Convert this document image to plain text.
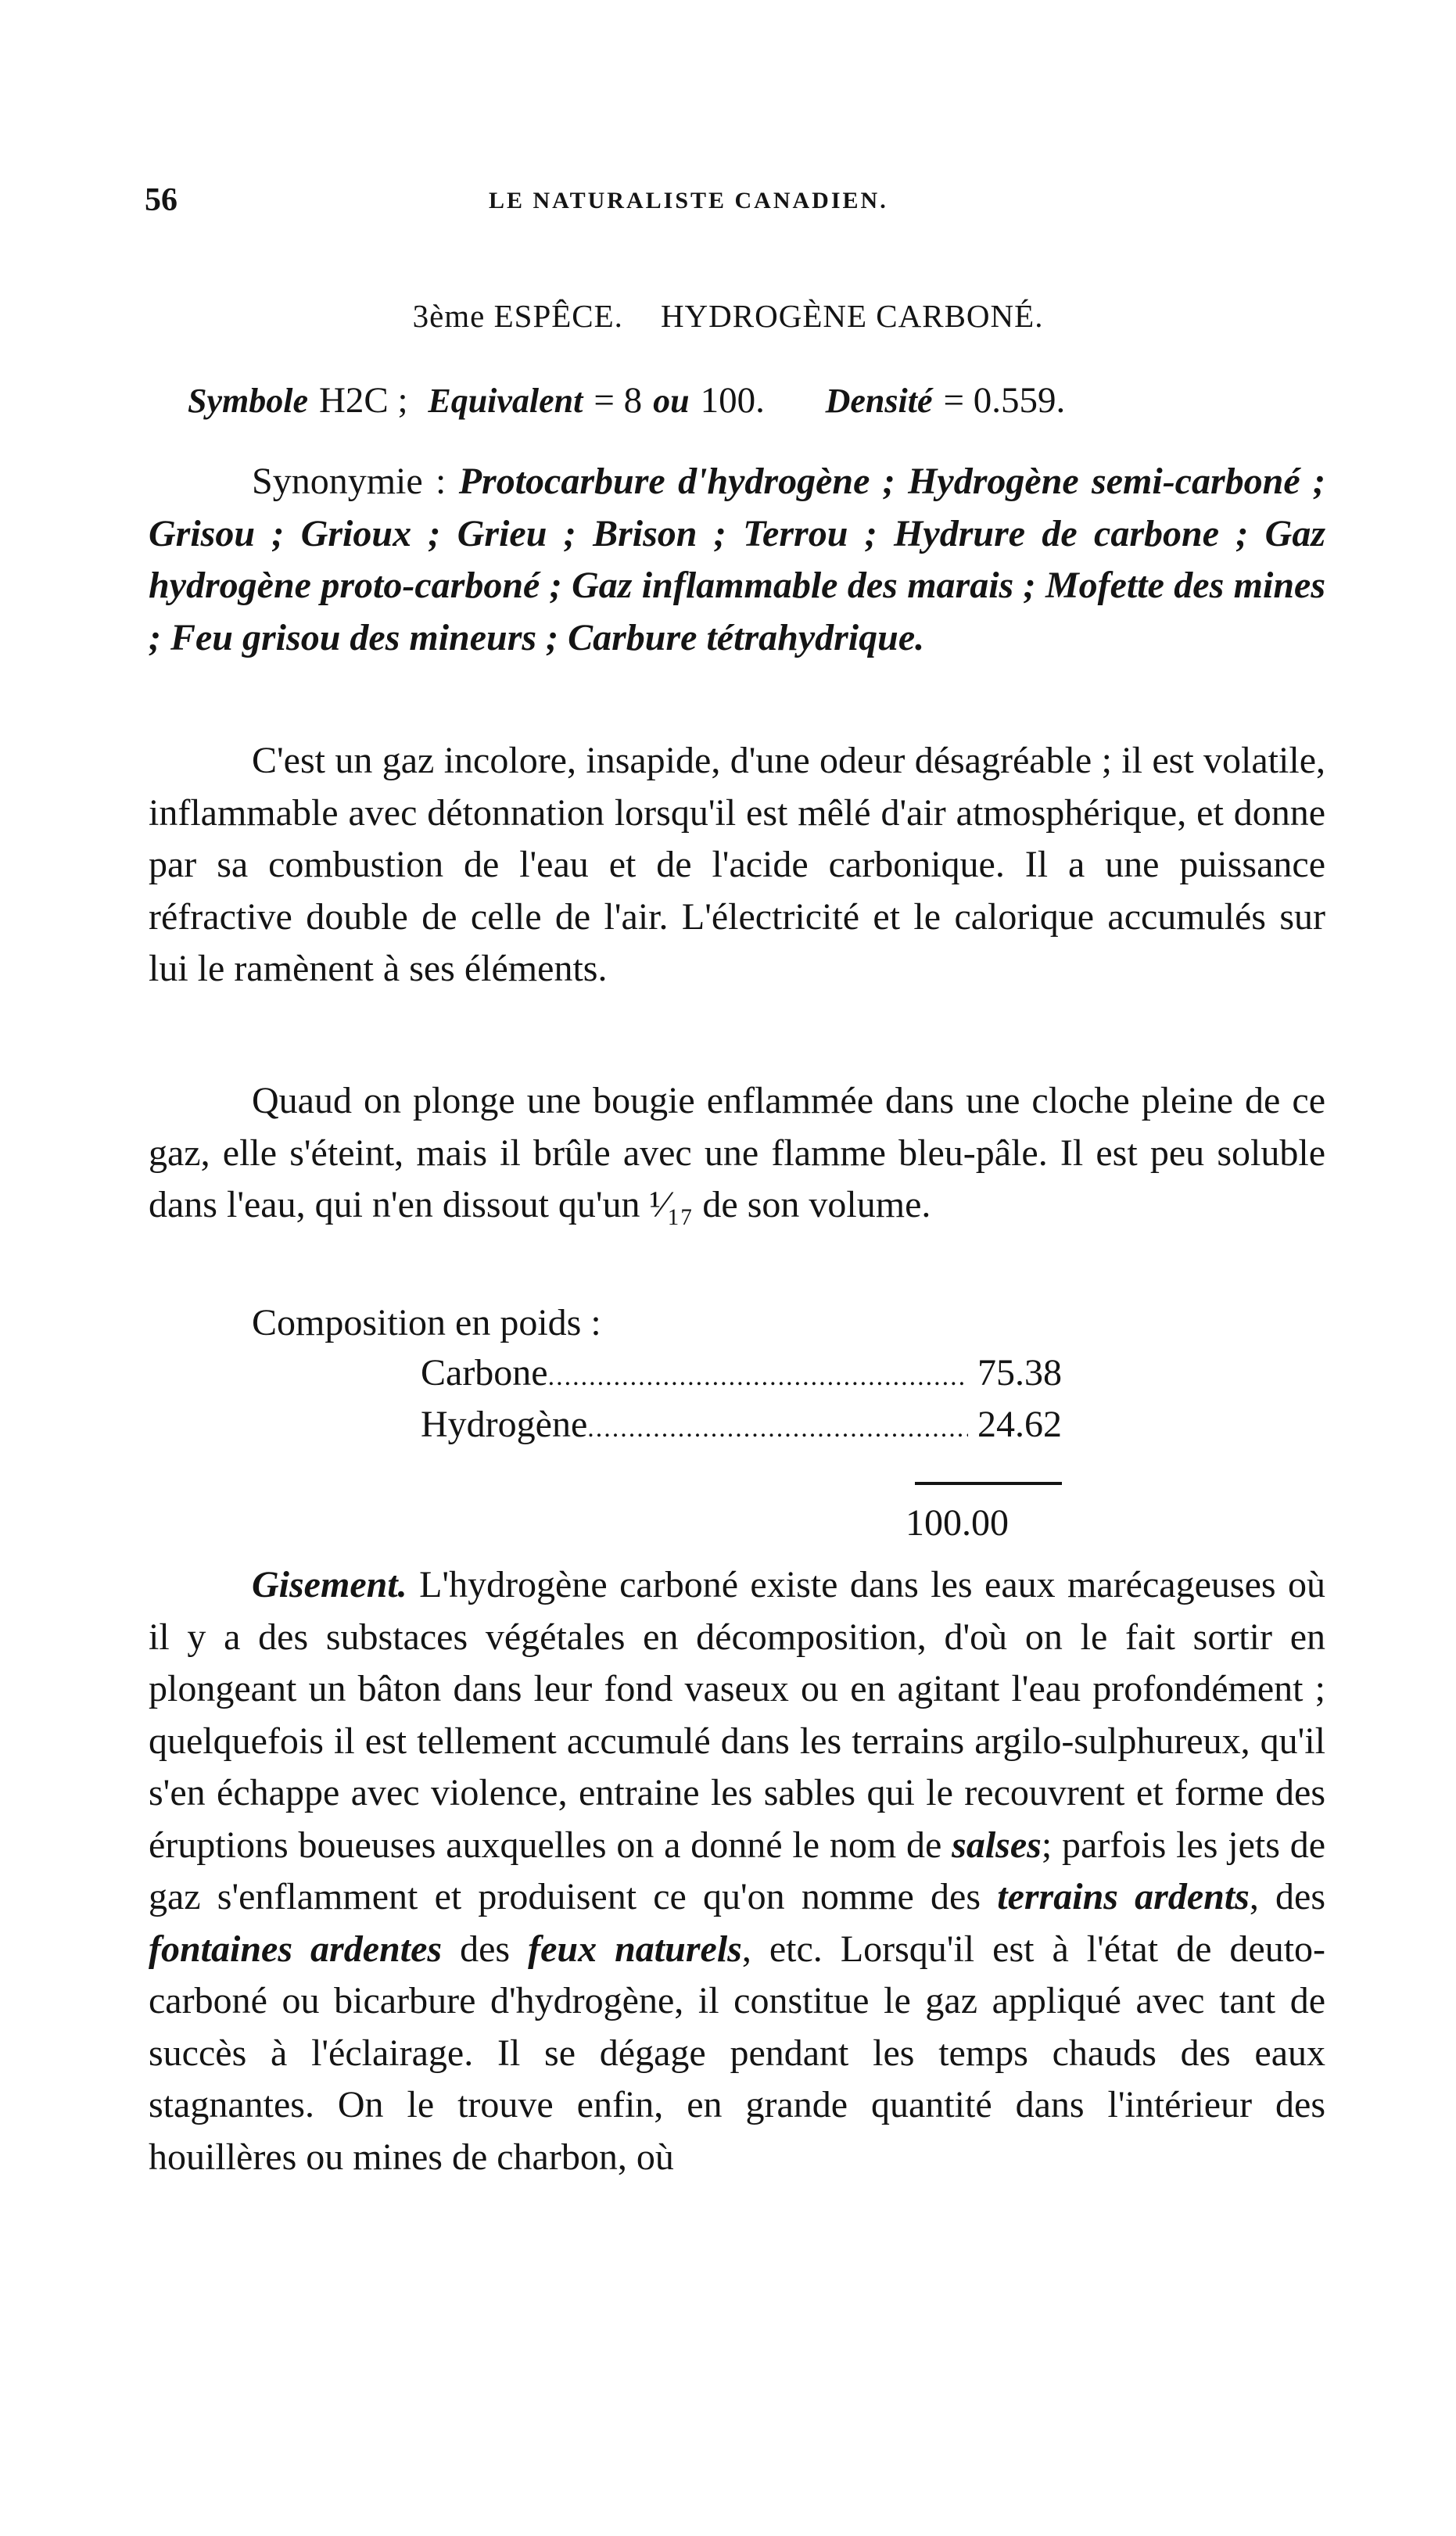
56	LE NATURALISTE CANADIEN.
3ème ESPÊCE. HYDROGÈNE CARBONÉ.
Symbole H2C ; Equivalent = 8 ou 100. Densité = 0.559.

Synonymie : Protocarbure d'hydrogène ; Hydrogène semi-carboné ; Grisou ; Grioux ; Grieu ; Brison ; Terrou ; Hydrure de carbone ; Gaz hydrogène proto-carboné ; Gaz inflammable des marais ; Mofette des mines ; Feu grisou des mineurs ; Carbure tétrahydrique.

C'est un gaz incolore, insapide, d'une odeur désagréable ; il est volatile, inflammable avec détonnation lorsqu'il est mêlé d'air atmosphérique, et donne par sa combustion de l'eau et de l'acide carbonique. Il a une puissance réfractive double de celle de l'air. L'électricité et le calorique accumulés sur lui le ramènent à ses éléments.

Quaud on plonge une bougie enflammée dans une cloche pleine de ce gaz, elle s'éteint, mais il brûle avec une flamme bleu-pâle. Il est peu soluble dans l'eau, qui n'en dissout qu'un ¹⁄₁₇ de son volume.

Composition en poids :
Carbone .....	75.38
Hydrogène .....	24.62
100.00

Gisement. L'hydrogène carboné existe dans les eaux marécageuses où il y a des substaces végétales en décomposition, d'où on le fait sortir en plongeant un bâton dans leur fond vaseux ou en agitant l'eau profondément ; quelquefois il est tellement accumulé dans les terrains argilo-sulphureux, qu'il s'en échappe avec violence, entraine les sables qui le recouvrent et forme des éruptions boueuses auxquelles on a donné le nom de salses; parfois les jets de gaz s'enflamment et produisent ce qu'on nomme des terrains ardents, des fontaines ardentes des feux naturels, etc. Lorsqu'il est à l'état de deuto-carboné ou bicarbure d'hydrogène, il constitue le gaz appliqué avec tant de succès à l'éclairage. Il se dégage pendant les temps chauds des eaux stagnantes. On le trouve enfin, en grande quantité dans l'intérieur des houillères ou mines de charbon, où
